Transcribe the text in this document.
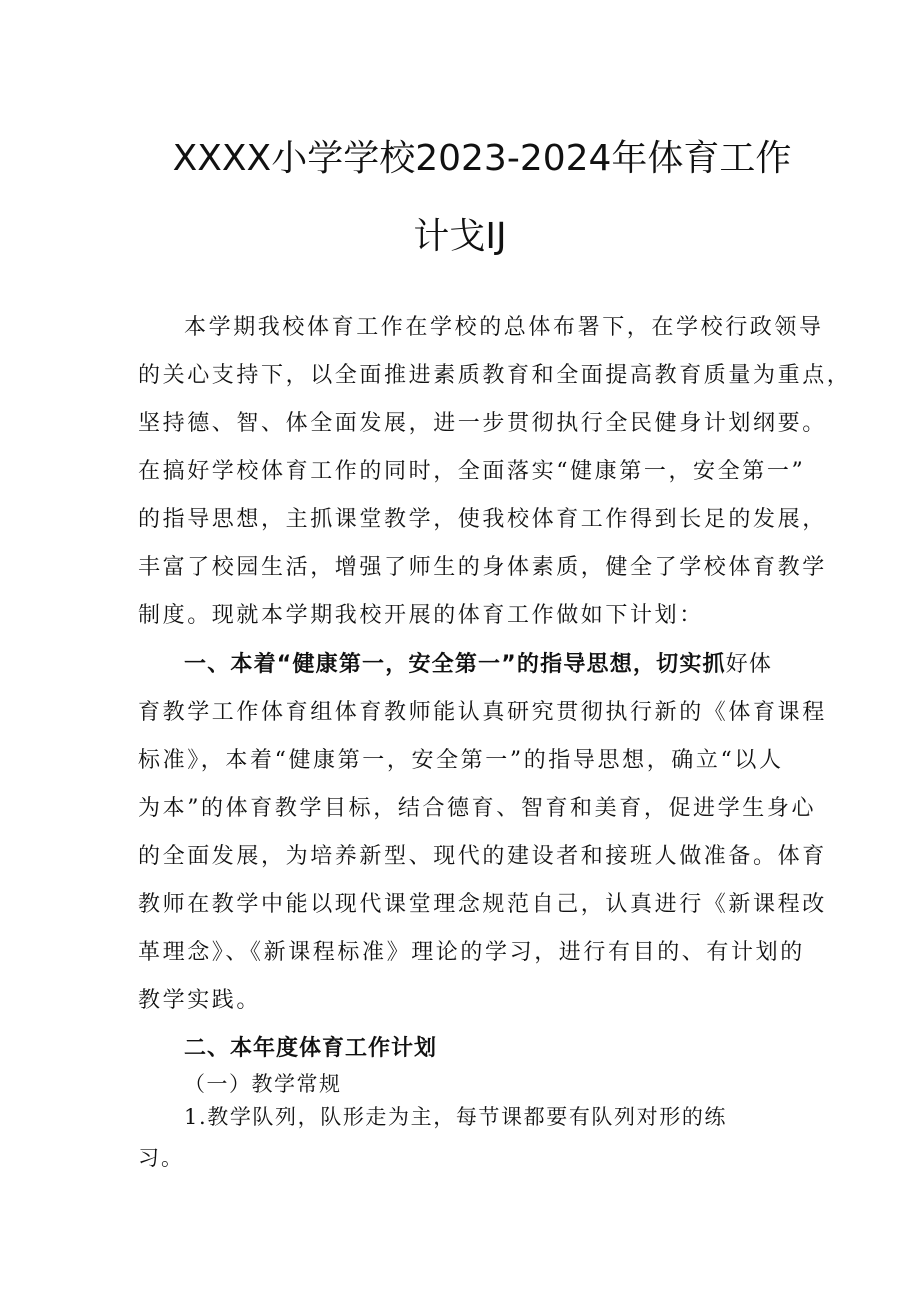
XXXX小学学校2023-2024年体育工作
计戈IJ
本学期我校体育工作在学校的总体布署下，在学校行政领导
的关心支持下，以全面推进素质教育和全面提高教育质量为重点，
坚持德、智、体全面发展，进一步贯彻执行全民健身计划纲要。
在搞好学校体育工作的同时，全面落实“健康第一，安全第一”
的指导思想，主抓课堂教学，使我校体育工作得到长足的发展，
丰富了校园生活，增强了师生的身体素质，健全了学校体育教学
制度。现就本学期我校开展的体育工作做如下计划：
一、本着“健康第一，安全第一”的指导思想，切实抓好体
育教学工作体育组体育教师能认真研究贯彻执行新的《体育课程
标准》，本着“健康第一，安全第一”的指导思想，确立“以人
为本”的体育教学目标，结合德育、智育和美育，促进学生身心
的全面发展，为培养新型、现代的建设者和接班人做准备。体育
教师在教学中能以现代课堂理念规范自己，认真进行《新课程改
革理念》、《新课程标准》理论的学习，进行有目的、有计划的
教学实践。
二、本年度体育工作计划
（一）教学常规
1.教学队列，队形走为主，每节课都要有队列对形的练
习。
